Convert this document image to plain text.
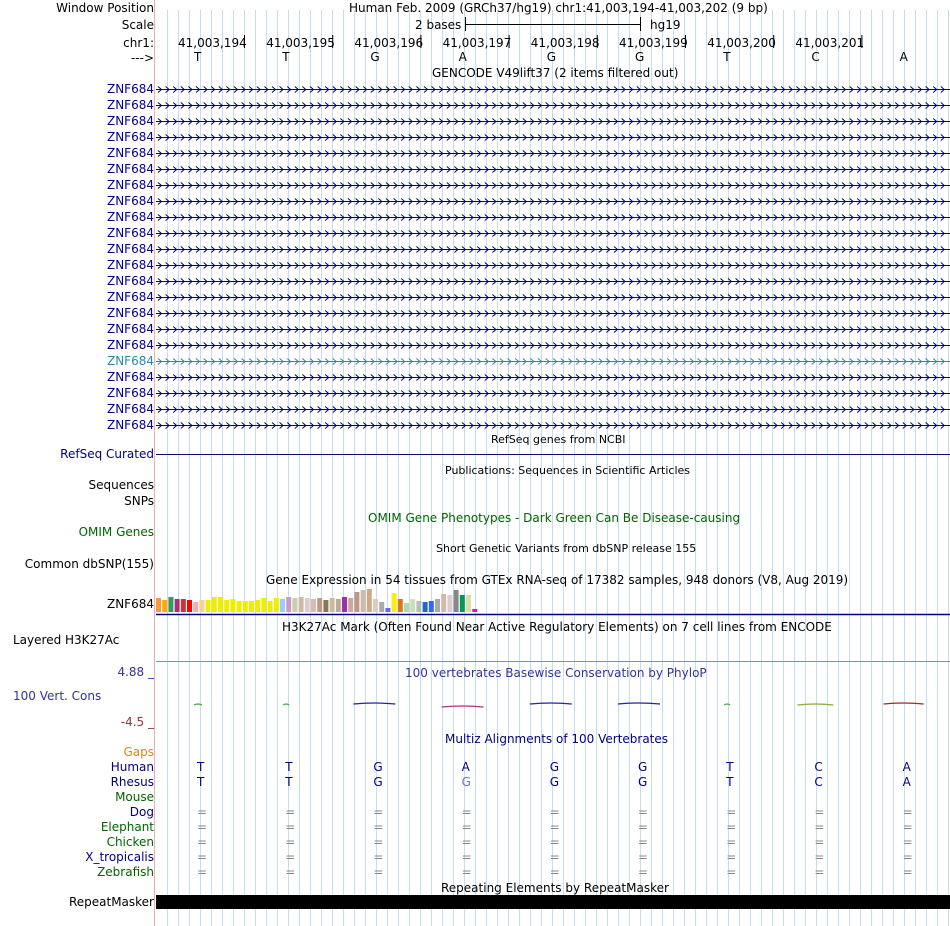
Window Position	Human Feb. 2009 (GRCh37/hg19) chr1:41,003,194-41,003,202 (9 bp)
Scale	2 bases	hg19
chr1:
--->
GENCODE V49lift37 (2 items filtered out)
RefSeq genes from NCBI
RefSeq Curated
Publications: Sequences in Scientific Articles
Sequences
SNPs
OMIM Gene Phenotypes - Dark Green Can Be Disease-causing
OMIM Genes
Short Genetic Variants from dbSNP release 155
Common dbSNP(155)
Gene Expression in 54 tissues from GTEx RNA-seq of 17382 samples, 948 donors (V8, Aug 2019)
ZNF684
H3K27Ac Mark (Often Found Near Active Regulatory Elements) on 7 cell lines from ENCODE
Layered H3K27Ac
4.88 _	100 vertebrates Basewise Conservation by PhyloP
100 Vert. Cons
-4.5 _
Multiz Alignments of 100 Vertebrates
Gaps
Repeating Elements by RepeatMasker
RepeatMasker
41,003,194 41,003,195 41,003,196 41,003,197 41,003,198 41,003,199 41,003,200 41,003,201
T	T	G	A	G	G	T	C	A
ZNF684
ZNF684
ZNF684
ZNF684
ZNF684
ZNF684
ZNF684
ZNF684
ZNF684
ZNF684
ZNF684
ZNF684
ZNF684
ZNF684
ZNF684
ZNF684
ZNF684
ZNF684
ZNF684
ZNF684
ZNF684
ZNF684
Human	T	T	G	A	G	G	T	C	A
Rhesus	T	T	G	G	G	G	T	C	A
Mouse
Dog	=	=	=	=	=	=	=	=	=
Elephant	=	=	=	=	=	=	=	=	=
Chicken	=	=	=	=	=	=	=	=	=
X_tropicalis	=	=	=	=	=	=	=	=	=
Zebrafish	=	=	=	=	=	=	=	=	=
